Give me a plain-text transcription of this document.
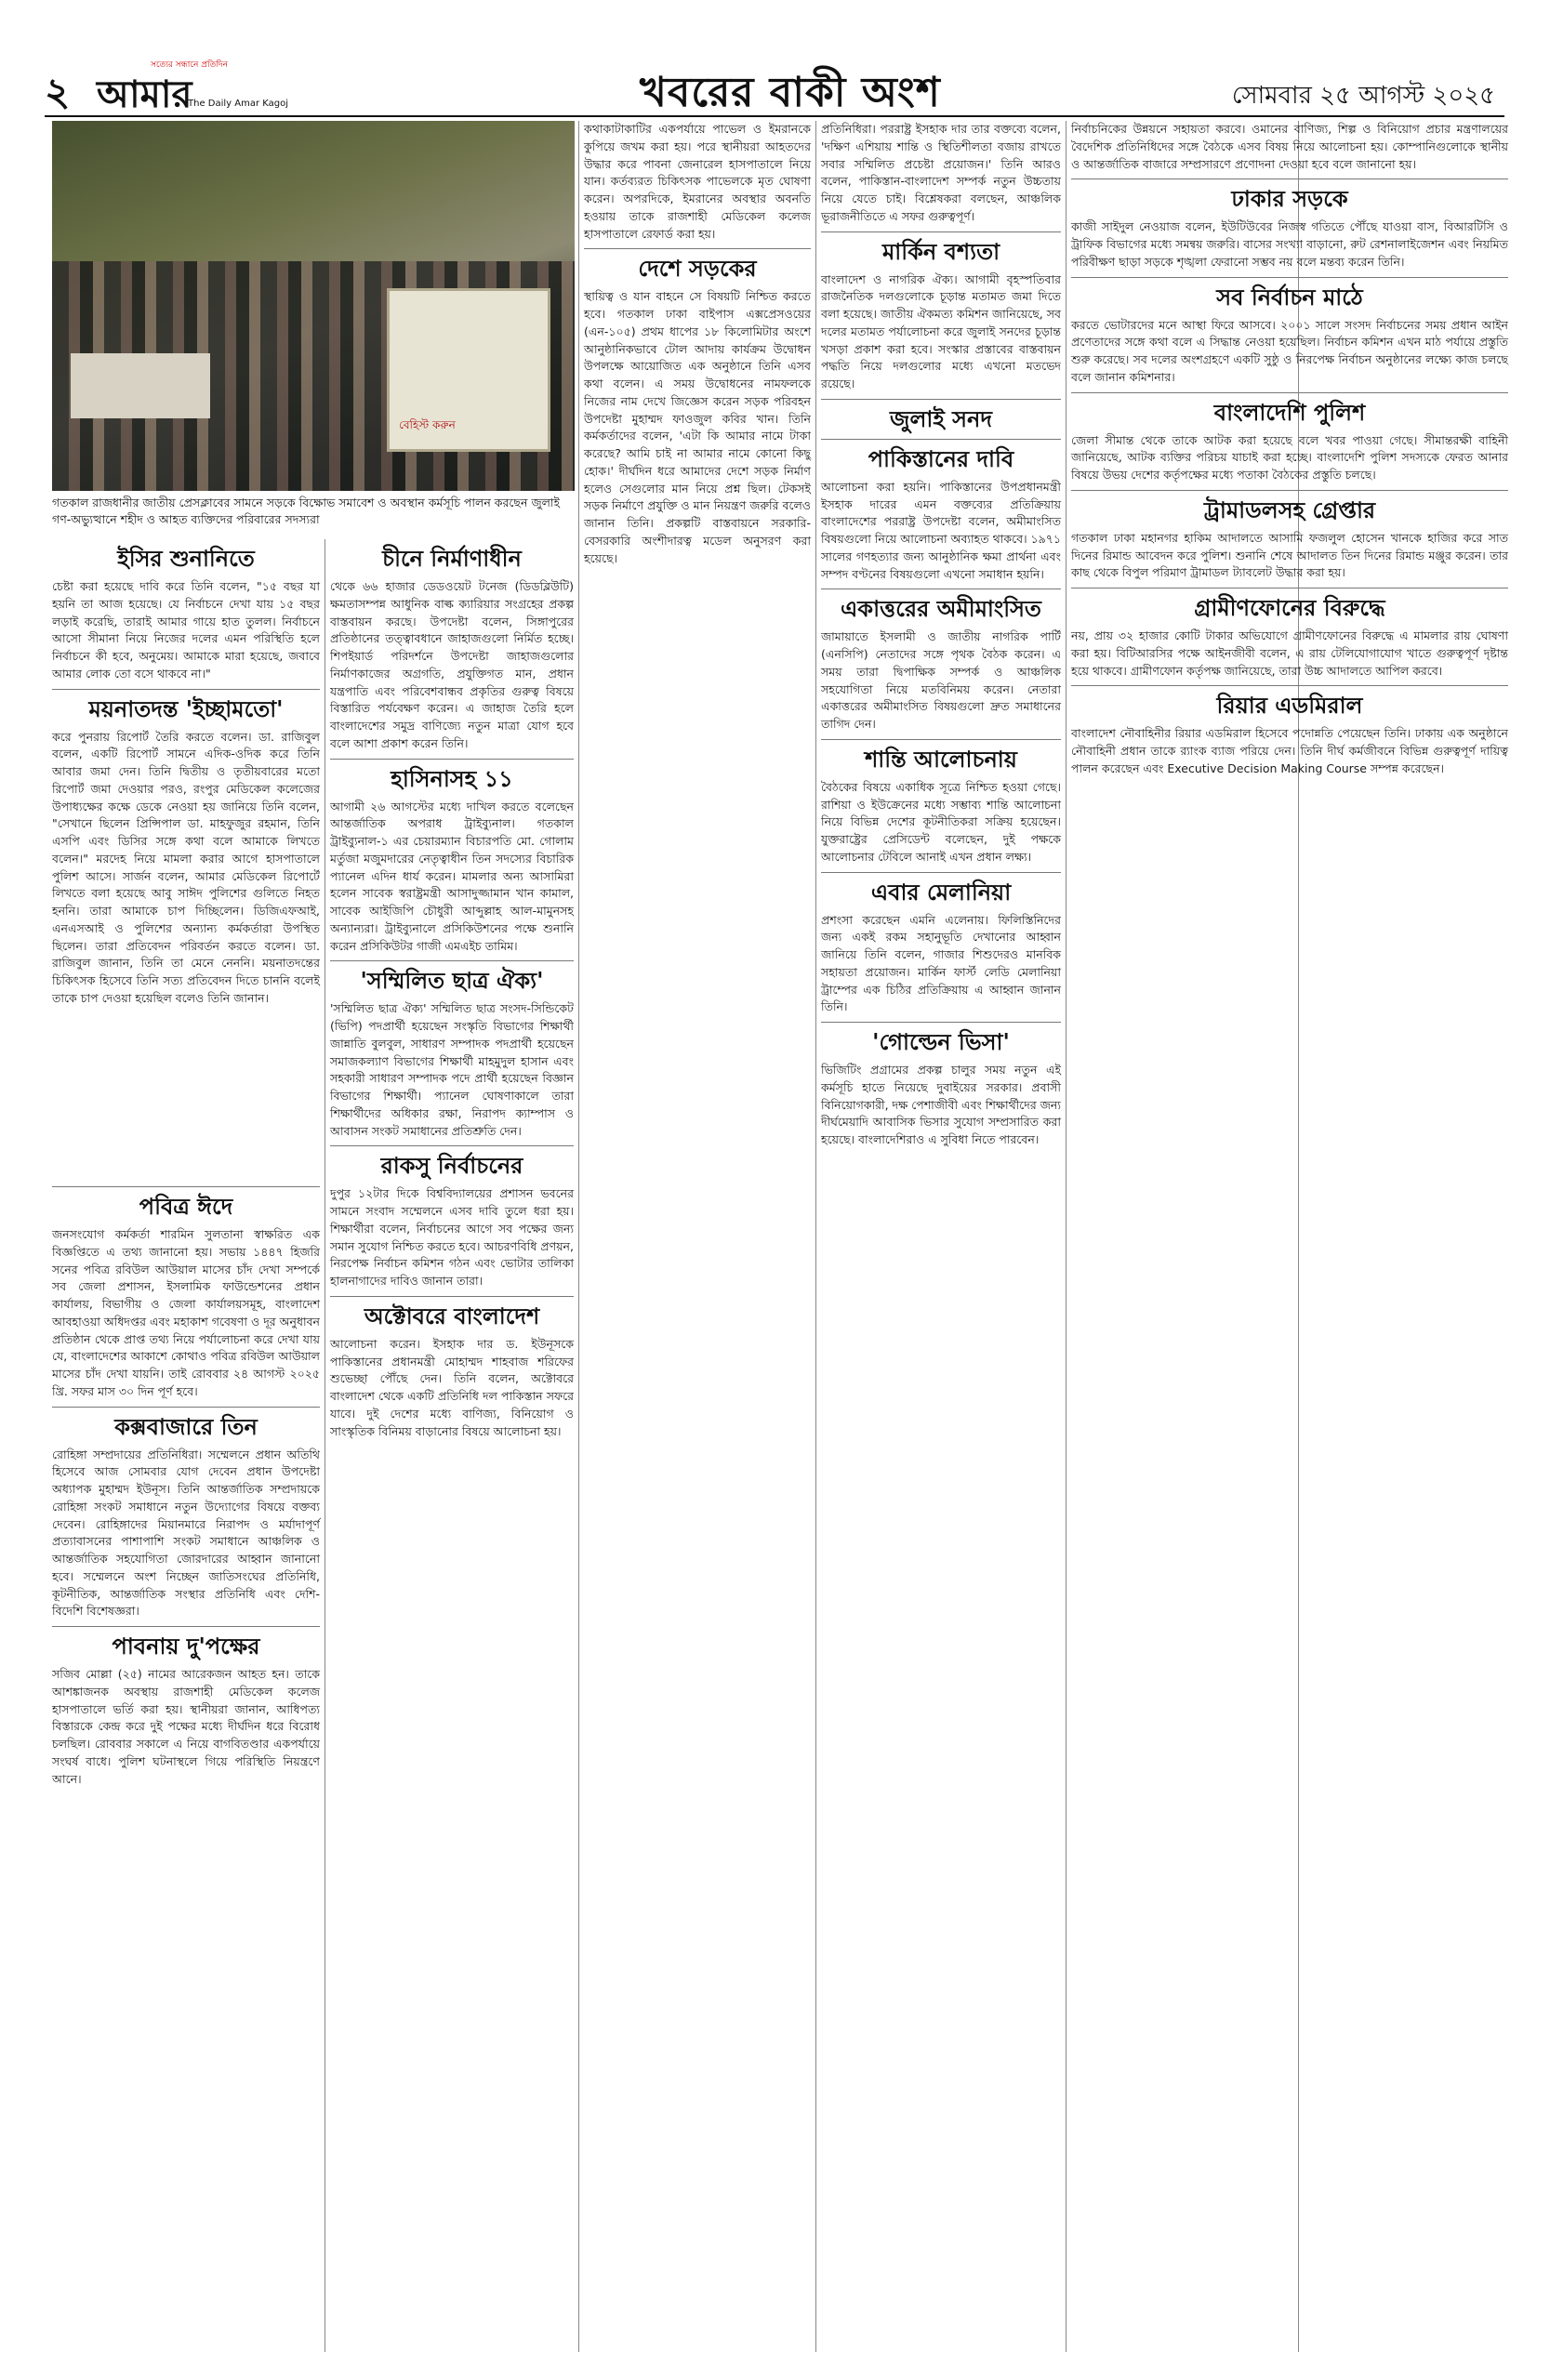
২
সত্যের সন্ধানে প্রতিদিন
আমার
The Daily Amar Kagoj	খবরের বাকী অংশ	সোমবার ২৫ আগস্ট ২০২৫
বেহিস্ট করুন
গতকাল রাজধানীর জাতীয় প্রেসক্লাবের সামনে সড়কে বিক্ষোভ সমাবেশ ও অবস্থান কর্মসূচি পালন করছেন জুলাই গণ-অভ্যুত্থানে শহীদ ও আহত ব্যক্তিদের পরিবারের সদস্যরা
ইসির শুনানিতে

চেষ্টা করা হয়েছে দাবি করে তিনি বলেন, "১৫ বছর যা হয়নি তা আজ হয়েছে। যে নির্বাচনে দেখা যায় ১৫ বছর লড়াই করেছি, তারাই আমার গায়ে হাত তুলল। নির্বাচনে আসো সীমানা নিয়ে নিজের দলের এমন পরিস্থিতি হলে নির্বাচনে কী হবে, অনুমেয়। আমাকে মারা হয়েছে, জবাবে আমার লোক তো বসে থাকবে না।"

ময়নাতদন্ত 'ইচ্ছামতো'

করে পুনরায় রিপোর্ট তৈরি করতে বলেন। ডা. রাজিবুল বলেন, একটি রিপোর্ট সামনে এদিক-ওদিক করে তিনি আবার জমা দেন। তিনি দ্বিতীয় ও তৃতীয়বারের মতো রিপোর্ট জমা দেওয়ার পরও, রংপুর মেডিকেল কলেজের উপাধ্যক্ষের কক্ষে ডেকে নেওয়া হয় জানিয়ে তিনি বলেন, "সেখানে ছিলেন প্রিন্সিপাল ডা. মাহফুজুর রহমান, তিনি এসপি এবং ডিসির সঙ্গে কথা বলে আমাকে লিখতে বলেন।" মরদেহ নিয়ে মামলা করার আগে হাসপাতালে পুলিশ আসে। সার্জন বলেন, আমার মেডিকেল রিপোর্টে লিখতে বলা হয়েছে আবু সাঈদ পুলিশের গুলিতে নিহত হননি। তারা আমাকে চাপ দিচ্ছিলেন। ডিজিএফআই, এনএসআই ও পুলিশের অন্যান্য কর্মকর্তারা উপস্থিত ছিলেন। তারা প্রতিবেদন পরিবর্তন করতে বলেন। ডা. রাজিবুল জানান, তিনি তা মেনে নেননি। ময়নাতদন্তের চিকিৎসক হিসেবে তিনি সত্য প্রতিবেদন দিতে চাননি বলেই তাকে চাপ দেওয়া হয়েছিল বলেও তিনি জানান।

পবিত্র ঈদে

জনসংযোগ কর্মকর্তা শারমিন সুলতানা স্বাক্ষরিত এক বিজ্ঞপ্তিতে এ তথ্য জানানো হয়। সভায় ১৪৪৭ হিজরি সনের পবিত্র রবিউল আউয়াল মাসের চাঁদ দেখা সম্পর্কে সব জেলা প্রশাসন, ইসলামিক ফাউন্ডেশনের প্রধান কার্যালয়, বিভাগীয় ও জেলা কার্যালয়সমূহ, বাংলাদেশ আবহাওয়া অধিদপ্তর এবং মহাকাশ গবেষণা ও দূর অনুধাবন প্রতিষ্ঠান থেকে প্রাপ্ত তথ্য নিয়ে পর্যালোচনা করে দেখা যায় যে, বাংলাদেশের আকাশে কোথাও পবিত্র রবিউল আউয়াল মাসের চাঁদ দেখা যায়নি। তাই রোববার ২৪ আগস্ট ২০২৫ খ্রি. সফর মাস ৩০ দিন পূর্ণ হবে।

কক্সবাজারে তিন

রোহিঙ্গা সম্প্রদায়ের প্রতিনিধিরা। সম্মেলনে প্রধান অতিথি হিসেবে আজ সোমবার যোগ দেবেন প্রধান উপদেষ্টা অধ্যাপক মুহাম্মদ ইউনূস। তিনি আন্তর্জাতিক সম্প্রদায়কে রোহিঙ্গা সংকট সমাধানে নতুন উদ্যোগের বিষয়ে বক্তব্য দেবেন। রোহিঙ্গাদের মিয়ানমারে নিরাপদ ও মর্যাদাপূর্ণ প্রত্যাবাসনের পাশাপাশি সংকট সমাধানে আঞ্চলিক ও আন্তর্জাতিক সহযোগিতা জোরদারের আহ্বান জানানো হবে। সম্মেলনে অংশ নিচ্ছেন জাতিসংঘের প্রতিনিধি, কূটনীতিক, আন্তর্জাতিক সংস্থার প্রতিনিধি এবং দেশি-বিদেশি বিশেষজ্ঞরা।

পাবনায় দু'পক্ষের

সজিব মোল্লা (২৫) নামের আরেকজন আহত হন। তাকে আশঙ্কাজনক অবস্থায় রাজশাহী মেডিকেল কলেজ হাসপাতালে ভর্তি করা হয়। স্থানীয়রা জানান, আধিপত্য বিস্তারকে কেন্দ্র করে দুই পক্ষের মধ্যে দীর্ঘদিন ধরে বিরোধ চলছিল। রোববার সকালে এ নিয়ে বাগবিতণ্ডার একপর্যায়ে সংঘর্ষ বাধে। পুলিশ ঘটনাস্থলে গিয়ে পরিস্থিতি নিয়ন্ত্রণে আনে।

চীনে নির্মাণাধীন

থেকে ৬৬ হাজার ডেডওয়েট টনেজ (ডিডব্লিউটি) ক্ষমতাসম্পন্ন আধুনিক বাল্ক ক্যারিয়ার সংগ্রহের প্রকল্প বাস্তবায়ন করছে। উপদেষ্টা বলেন, সিঙ্গাপুরের প্রতিষ্ঠানের তত্ত্বাবধানে জাহাজগুলো নির্মিত হচ্ছে। শিপইয়ার্ড পরিদর্শনে উপদেষ্টা জাহাজগুলোর নির্মাণকাজের অগ্রগতি, প্রযুক্তিগত মান, প্রধান যন্ত্রপাতি এবং পরিবেশবান্ধব প্রকৃতির গুরুত্ব বিষয়ে বিস্তারিত পর্যবেক্ষণ করেন। এ জাহাজ তৈরি হলে বাংলাদেশের সমুদ্র বাণিজ্যে নতুন মাত্রা যোগ হবে বলে আশা প্রকাশ করেন তিনি।

হাসিনাসহ ১১

আগামী ২৬ আগস্টের মধ্যে দাখিল করতে বলেছেন আন্তর্জাতিক অপরাধ ট্রাইব্যুনাল। গতকাল ট্রাইব্যুনাল-১ এর চেয়ারম্যান বিচারপতি মো. গোলাম মর্তুজা মজুমদারের নেতৃত্বাধীন তিন সদস্যের বিচারিক প্যানেল এদিন ধার্য করেন। মামলার অন্য আসামিরা হলেন সাবেক স্বরাষ্ট্রমন্ত্রী আসাদুজ্জামান খান কামাল, সাবেক আইজিপি চৌধুরী আব্দুল্লাহ আল-মামুনসহ অন্যান্যরা। ট্রাইব্যুনালে প্রসিকিউশনের পক্ষে শুনানি করেন প্রসিকিউটর গাজী এমএইচ তামিম।

'সম্মিলিত ছাত্র ঐক্য'

'সম্মিলিত ছাত্র ঐক্য' সম্মিলিত ছাত্র সংসদ-সিন্ডিকেট (ভিপি) পদপ্রার্থী হয়েছেন সংস্কৃতি বিভাগের শিক্ষার্থী জান্নাতি বুলবুল, সাধারণ সম্পাদক পদপ্রার্থী হয়েছেন সমাজকল্যাণ বিভাগের শিক্ষার্থী মাহমুদুল হাসান এবং সহকারী সাধারণ সম্পাদক পদে প্রার্থী হয়েছেন বিজ্ঞান বিভাগের শিক্ষার্থী। প্যানেল ঘোষণাকালে তারা শিক্ষার্থীদের অধিকার রক্ষা, নিরাপদ ক্যাম্পাস ও আবাসন সংকট সমাধানের প্রতিশ্রুতি দেন।

রাকসু নির্বাচনের

দুপুর ১২টার দিকে বিশ্ববিদ্যালয়ের প্রশাসন ভবনের সামনে সংবাদ সম্মেলনে এসব দাবি তুলে ধরা হয়। শিক্ষার্থীরা বলেন, নির্বাচনের আগে সব পক্ষের জন্য সমান সুযোগ নিশ্চিত করতে হবে। আচরণবিধি প্রণয়ন, নিরপেক্ষ নির্বাচন কমিশন গঠন এবং ভোটার তালিকা হালনাগাদের দাবিও জানান তারা।

অক্টোবরে বাংলাদেশ

আলোচনা করেন। ইসহাক দার ড. ইউনূসকে পাকিস্তানের প্রধানমন্ত্রী মোহাম্মদ শাহবাজ শরিফের শুভেচ্ছা পৌঁছে দেন। তিনি বলেন, অক্টোবরে বাংলাদেশ থেকে একটি প্রতিনিধি দল পাকিস্তান সফরে যাবে। দুই দেশের মধ্যে বাণিজ্য, বিনিয়োগ ও সাংস্কৃতিক বিনিময় বাড়ানোর বিষয়ে আলোচনা হয়।

কথাকাটাকাটির একপর্যায়ে পাভেল ও ইমরানকে কুপিয়ে জখম করা হয়। পরে স্থানীয়রা আহতদের উদ্ধার করে পাবনা জেনারেল হাসপাতালে নিয়ে যান। কর্তব্যরত চিকিৎসক পাভেলকে মৃত ঘোষণা করেন। অপরদিকে, ইমরানের অবস্থার অবনতি হওয়ায় তাকে রাজশাহী মেডিকেল কলেজ হাসপাতালে রেফার্ড করা হয়।

দেশে সড়কের

স্থায়িত্ব ও যান বাহনে সে বিষয়টি নিশ্চিত করতে হবে। গতকাল ঢাকা বাইপাস এক্সপ্রেসওয়ের (এন-১০৫) প্রথম ধাপের ১৮ কিলোমিটার অংশে আনুষ্ঠানিকভাবে টোল আদায় কার্যক্রম উদ্বোধন উপলক্ষে আয়োজিত এক অনুষ্ঠানে তিনি এসব কথা বলেন। এ সময় উদ্বোধনের নামফলকে নিজের নাম দেখে জিজ্ঞেস করেন সড়ক পরিবহন উপদেষ্টা মুহাম্মদ ফাওজুল কবির খান। তিনি কর্মকর্তাদের বলেন, 'এটা কি আমার নামে টাকা করেছে? আমি চাই না আমার নামে কোনো কিছু হোক।' দীর্ঘদিন ধরে আমাদের দেশে সড়ক নির্মাণ হলেও সেগুলোর মান নিয়ে প্রশ্ন ছিল। টেকসই সড়ক নির্মাণে প্রযুক্তি ও মান নিয়ন্ত্রণ জরুরি বলেও জানান তিনি। প্রকল্পটি বাস্তবায়নে সরকারি-বেসরকারি অংশীদারত্ব মডেল অনুসরণ করা হয়েছে।

প্রতিনিধিরা। পররাষ্ট্র ইসহাক দার তার বক্তব্যে বলেন, 'দক্ষিণ এশিয়ায় শান্তি ও স্থিতিশীলতা বজায় রাখতে সবার সম্মিলিত প্রচেষ্টা প্রয়োজন।' তিনি আরও বলেন, পাকিস্তান-বাংলাদেশ সম্পর্ক নতুন উচ্চতায় নিয়ে যেতে চাই। বিশ্লেষকরা বলছেন, আঞ্চলিক ভূরাজনীতিতে এ সফর গুরুত্বপূর্ণ।

মার্কিন বশ্যতা

বাংলাদেশ ও নাগরিক ঐক্য। আগামী বৃহস্পতিবার রাজনৈতিক দলগুলোকে চূড়ান্ত মতামত জমা দিতে বলা হয়েছে। জাতীয় ঐকমত্য কমিশন জানিয়েছে, সব দলের মতামত পর্যালোচনা করে জুলাই সনদের চূড়ান্ত খসড়া প্রকাশ করা হবে। সংস্কার প্রস্তাবের বাস্তবায়ন পদ্ধতি নিয়ে দলগুলোর মধ্যে এখনো মতভেদ রয়েছে।

জুলাই সনদ
পাকিস্তানের দাবি

আলোচনা করা হয়নি। পাকিস্তানের উপপ্রধানমন্ত্রী ইসহাক দারের এমন বক্তব্যের প্রতিক্রিয়ায় বাংলাদেশের পররাষ্ট্র উপদেষ্টা বলেন, অমীমাংসিত বিষয়গুলো নিয়ে আলোচনা অব্যাহত থাকবে। ১৯৭১ সালের গণহত্যার জন্য আনুষ্ঠানিক ক্ষমা প্রার্থনা এবং সম্পদ বণ্টনের বিষয়গুলো এখনো সমাধান হয়নি।

একাত্তরের অমীমাংসিত

জামায়াতে ইসলামী ও জাতীয় নাগরিক পার্টি (এনসিপি) নেতাদের সঙ্গে পৃথক বৈঠক করেন। এ সময় তারা দ্বিপাক্ষিক সম্পর্ক ও আঞ্চলিক সহযোগিতা নিয়ে মতবিনিময় করেন। নেতারা একাত্তরের অমীমাংসিত বিষয়গুলো দ্রুত সমাধানের তাগিদ দেন।

শান্তি আলোচনায়

বৈঠকের বিষয়ে একাধিক সূত্রে নিশ্চিত হওয়া গেছে। রাশিয়া ও ইউক্রেনের মধ্যে সম্ভাব্য শান্তি আলোচনা নিয়ে বিভিন্ন দেশের কূটনীতিকরা সক্রিয় হয়েছেন। যুক্তরাষ্ট্রের প্রেসিডেন্ট বলেছেন, দুই পক্ষকে আলোচনার টেবিলে আনাই এখন প্রধান লক্ষ্য।

এবার মেলানিয়া

প্রশংসা করেছেন এমনি এলেনায়। ফিলিস্তিনিদের জন্য একই রকম সহানুভূতি দেখানোর আহ্বান জানিয়ে তিনি বলেন, গাজার শিশুদেরও মানবিক সহায়তা প্রয়োজন। মার্কিন ফার্স্ট লেডি মেলানিয়া ট্রাম্পের এক চিঠির প্রতিক্রিয়ায় এ আহ্বান জানান তিনি।

'গোল্ডেন ভিসা'

ভিজিটিং প্রগ্রামের প্রকল্প চালুর সময় নতুন এই কর্মসূচি হাতে নিয়েছে দুবাইয়ের সরকার। প্রবাসী বিনিয়োগকারী, দক্ষ পেশাজীবী এবং শিক্ষার্থীদের জন্য দীর্ঘমেয়াদি আবাসিক ভিসার সুযোগ সম্প্রসারিত করা হয়েছে। বাংলাদেশিরাও এ সুবিধা নিতে পারবেন।

নির্বাচনিকের উন্নয়নে সহায়তা করবে। ওমানের বাণিজ্য, শিল্প ও বিনিয়োগ প্রচার মন্ত্রণালয়ের বৈদেশিক প্রতিনিধিদের সঙ্গে বৈঠকে এসব বিষয় নিয়ে আলোচনা হয়। কোম্পানিগুলোকে স্থানীয় ও আন্তর্জাতিক বাজারে সম্প্রসারণে প্রণোদনা দেওয়া হবে বলে জানানো হয়।

ঢাকার সড়কে

কাজী সাইদুল নেওয়াজ বলেন, ইউটিউবের নিজস্ব গতিতে পৌঁছে যাওয়া বাস, বিআরটিসি ও ট্রাফিক বিভাগের মধ্যে সমন্বয় জরুরি। বাসের সংখ্যা বাড়ানো, রুট রেশনালাইজেশন এবং নিয়মিত পরিবীক্ষণ ছাড়া সড়কে শৃঙ্খলা ফেরানো সম্ভব নয় বলে মন্তব্য করেন তিনি।

সব নির্বাচন মাঠে

করতে ভোটারদের মনে আস্থা ফিরে আসবে। ২০০১ সালে সংসদ নির্বাচনের সময় প্রধান আইন প্রণেতাদের সঙ্গে কথা বলে এ সিদ্ধান্ত নেওয়া হয়েছিল। নির্বাচন কমিশন এখন মাঠ পর্যায়ে প্রস্তুতি শুরু করেছে। সব দলের অংশগ্রহণে একটি সুষ্ঠু ও নিরপেক্ষ নির্বাচন অনুষ্ঠানের লক্ষ্যে কাজ চলছে বলে জানান কমিশনার।

বাংলাদেশি পুলিশ

জেলা সীমান্ত থেকে তাকে আটক করা হয়েছে বলে খবর পাওয়া গেছে। সীমান্তরক্ষী বাহিনী জানিয়েছে, আটক ব্যক্তির পরিচয় যাচাই করা হচ্ছে। বাংলাদেশি পুলিশ সদস্যকে ফেরত আনার বিষয়ে উভয় দেশের কর্তৃপক্ষের মধ্যে পতাকা বৈঠকের প্রস্তুতি চলছে।

ট্রামাডলসহ গ্রেপ্তার

গতকাল ঢাকা মহানগর হাকিম আদালতে আসামি ফজলুল হোসেন খানকে হাজির করে সাত দিনের রিমান্ড আবেদন করে পুলিশ। শুনানি শেষে আদালত তিন দিনের রিমান্ড মঞ্জুর করেন। তার কাছ থেকে বিপুল পরিমাণ ট্রামাডল ট্যাবলেট উদ্ধার করা হয়।

গ্রামীণফোনের বিরুদ্ধে

নয়, প্রায় ৩২ হাজার কোটি টাকার অভিযোগে গ্রামীণফোনের বিরুদ্ধে এ মামলার রায় ঘোষণা করা হয়। বিটিআরসির পক্ষে আইনজীবী বলেন, এ রায় টেলিযোগাযোগ খাতে গুরুত্বপূর্ণ দৃষ্টান্ত হয়ে থাকবে। গ্রামীণফোন কর্তৃপক্ষ জানিয়েছে, তারা উচ্চ আদালতে আপিল করবে।

রিয়ার এডমিরাল

বাংলাদেশ নৌবাহিনীর রিয়ার এডমিরাল হিসেবে পদোন্নতি পেয়েছেন তিনি। ঢাকায় এক অনুষ্ঠানে নৌবাহিনী প্রধান তাকে র‍্যাংক ব্যাজ পরিয়ে দেন। তিনি দীর্ঘ কর্মজীবনে বিভিন্ন গুরুত্বপূর্ণ দায়িত্ব পালন করেছেন এবং Executive Decision Making Course সম্পন্ন করেছেন।
